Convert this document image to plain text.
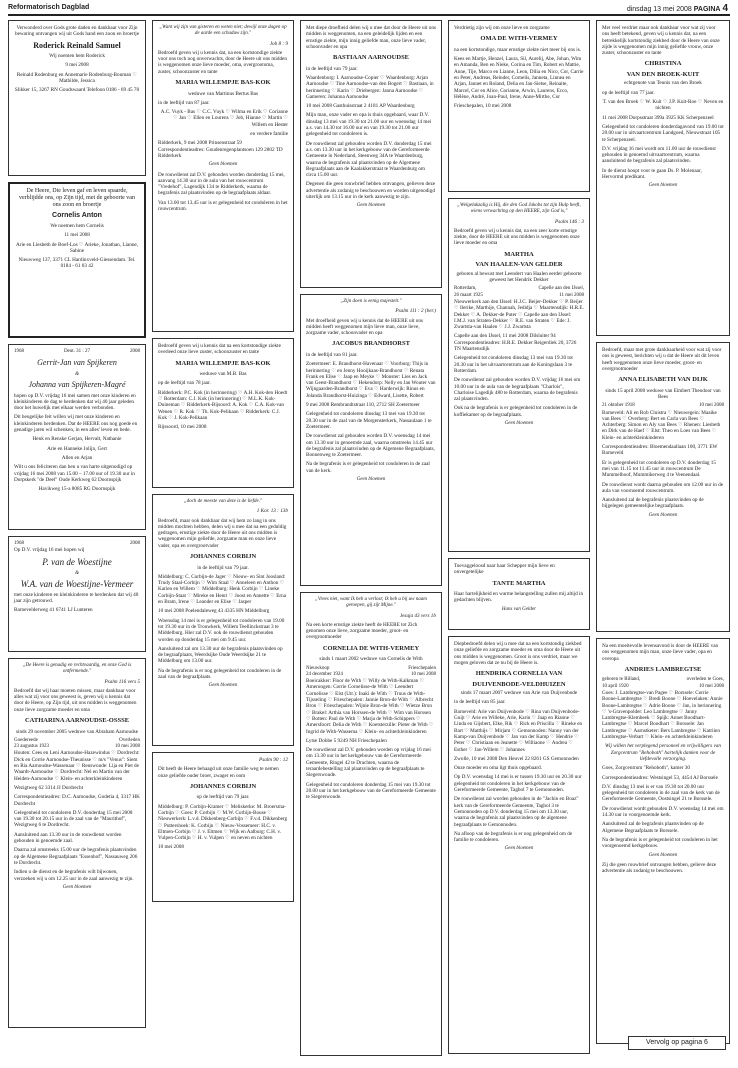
Reformatorisch Dagblad	dinsdag 13 mei 2008 PAGINA 4

Verwonderd over Gods grote daden en dankbaar voor Zijn bewaring ontvangen wij uit Gods hand een zoon en broertje

Roderick Reinald Samuel

Wij noemen hem Roderick

9 mei 2008

Reinald Rodenburg en Annemarie Rodenburg-Bouman ♡ Mathilde, Jessica

Slikker 15, 3267 RN Goudswaard Telefoon 0186 - 69 45 78

De Heere, Die leven gaf en leven spaarde, verblijdde ons, op Zijn tijd, met de geboorte van ons zoon en broertje

Cornelis Anton

We noemen hem Cornelis

11 mei 2008

Arie en Liesbeth de Boef-Los ♡ Arieke, Jonathan, Lianne, Sabine

Nieuwweg 137, 3371 CL Hardinxveld-Giessendam. Tel. 0184 - 61 03 42

1968	Deut. 31 : 27	2008
Gerrit-Jan van Spijkeren
&
Johanna van Spijkeren-Magré

hopen op D.V. vrijdag 16 mei samen met onze kinderen en kleinkinderen de dag te herdenken dat wij 40 jaar geleden door het huwelijk met elkaar werden verbonden.

Dit heugelijke feit willen wij met onze kinderen en kleinkinderen herdenken. Dat de HEERE ons nog goede en genadige jaren wil schenken, in een alles' leven en bede.

Henk en Renske Gerjan, Hervalt, Nathanie

Arie en Hanneke Jolijn, Gert

Allen en Arjan

Wilt u ons feliciteren dan hen u van harte uitgenodigd op vrijdag 16 mei 2008 van 15.00 – 17.00 uur of 19.30 uur in Dorpskerk "de Deel" Oude Kerkweg 62 Doornspijk

Havikweg 15-a 8085 RG Doornspijk

1968	2008

Op D.V. vrijdag 16 mei hopen wij

P. van de Woestijne
&
W.A. van de Woestijne-Vermeer

met onze kinderen en kleinkinderen te herdenken dat wij 40 jaar zijn getrouwd.

Barnevelderweg 41 6741 LJ Lunteren

„De Heere is genadig en rechtvaardig, en onze God is ontfermende."

Psalm 116 vers 5

Bedroefd dat wij haar moeten missen, maar dankbaar voor alles wat zij voor ons geweest is, geven wij u kennis dat door de Heere, op Zijn tijd, uit ons midden is weggenomen onze lieve zorgzame moeder en oma

CATHARINA AARNOUDSE-OSSSE

sinds 29 november 2005 weduwe van Abraham Aarnoudse

Goedereede	Overleden
23 augustus 1923	10 mei 2008

Houten: Cees en Leni Aarnoudse-Hazewindus ♡ Dordrecht: Dick en Corrie Aarnoudse-Theunisse ♡ m/s "Venus": Siem en Ria Aarnoudse-Wassenaar ♡ Renswoude: Lija en Piet de Waardt-Aarnoudse ♡ Dordrecht: Nel en Martin van der Heiden-Aarnoudse ♡ Klein- en achterkleinkinderen

Wezigtweg 62 3314 JJ Dordrecht

Correspondentieadres: D.C. Aarnoudse, Godetia 4, 3317 HK Dordrecht

Gelegenheid tot condoleren D.V. donderdag 15 mei 2008 van 19.30 tot 20.15 uur in de zaal van de "Maurithof", Wezigtweg 6 te Dordrecht.

Aansluitend aan 13.30 uur in de rouwdienst worden gehouden in genoemde zaal.

Daarna zal omstreeks 15.00 uur de begrafenis plaatsvinden op de Algemene Begraafplaats "Essenhof", Nassauweg 206 te Dordrecht.

Indien u de dienst en de begrafenis wilt bijwonen, verzoeken wij u om 12.25 uur in de zaal aanwezig te zijn.

Geen bloemen

„Want wij zijn van gisteren en weten niet; dewijl onze dagen op de aarde een schaduw zijn."

Job 8 : 9

Bedroefd geven wij u kennis dat, na een kortstondige ziekte voor ons toch nog onverwachts, door de Heere uit ons midden is weggenomen onze lieve moeder, oma, overgrootoma, zuster, schoonzuster en tante

MARIA WILLEMPJE BAS-KOK

weduwe van Martinus Bertus Bas

in de leeftijd van 87 jaar.

A.C. Vuyk - Bas ♡ C.C. Vuyk ♡ Wilma en Erik ♡ Corianne ♡ Jan ♡ Ellen en Lourens ♡ Job, Hianne ♡ Martin ♡ Willem en Hester

en verdere familie

Ridderkerk, 9 mei 2008 Prinsenstraat 59 Correspondentieadres: Goudenregenplantsoen 129 2802 TD Ridderkerk

Geen bloemen

De rouwdienst zal D.V. gehouden worden donderdag 15 mei, aanvang 14.30 uur in de aula van het rouwcentrum "Vredehof", Lagendijk 134 te Ridderkerk, waarna de begrafenis zal plaatsvinden op de begraafplaats aldaar.

Van 13.00 tot 13.45 uur is er gelegenheid tot condoleren in het rouwcentrum.

Bedroefd geven wij u kennis dat na een kortstondige ziekte overleed onze lieve zuster, schoonzuster en tante

MARIA WILLEMPJE BAS-KOK

weduwe van M.B. Bas

op de leeftijd van 78 jaar.

Ridderkerk: P.C. Kok (in herinnering) ♡ A.H. Kok-den Hoedt ♡ Rotterdam: C.J. Kok (in herinnering) ♡ M.L.K. Kok-Duineman ♡ Ridderkerk-Bijsoord: A. Kok ♡ C.A. Kok-van Wenen ♡ R. Kok ♡ Th. Kok-Pelikaan ♡ Ridderkerk: C.J. Kok ♡ J. Kok-Pelikaan

Rijssoord, 10 mei 2008

„doch de meeste van deze is de liefde."

1 Kor. 13 : 13b

Bedroefd, maar ook dankbaar dat wij hem zo lang in ons midden mochten hebben, delen wij u mee dat na een geduldig gedragen, ernstige ziekte door de Heere uit ons midden is weggenomen mijn geliefde, zorgzame man en onze lieve vader, opa en overgrootvader

JOHANNES CORBIJN

in de leeftijd van 79 jaar.

Middelburg: C. Corbijn-de Jager ♡ Nieuw- en Sint Joosland: Trudy Staal-Corbijn ♡ Wim Staal ♡ Anneleen en Anthon ♡ Karien en Willem ♡ Middelburg: Henk Corbijn ♡ Lineke Corbijn-Staat ♡ Mireke en Henri ♡ Joost en Annette ♡ Erna en Bram, Irene ♡ Leander en Elise ♡ Jasper

10 mei 2008 Poelendaleweg 43 4335 HN Middelburg

Woensdag 14 mei is er gelegenheid tot condoleren van 19.00 tot 19.30 uur in de Trouwkerk, Willem Teellinckstraat 3 te Middelburg. Hier zal D.V. ook de rouwdienst gehouden worden op donderdag 15 mei om 9.45 uur.

Aansluitend zal om 13.30 uur de begrafenis plaatsvinden op de begraafplaats, Weerdsijke Oude Weerdsijke 21 te Middelburg om 13.00 uur.

Na de begrafenis is er nog gelegenheid tot condoleren in de zaal van de begraafplaats.

Geen bloemen

Psalm 90 : 12

Dit heeft de Heere behaagd uit onze familie weg te nemen onze geliefde ouder broer, zwager en oom

JOHANNES CORBIJN

op de leeftijd van 79 jaar.

Middelburg: P. Corbijn-Kramer ♡ Meliskerke: M. Broersma-Corbijn ♡ Goes: P. Corbijn ♡ M.W. Corbijn-Bouse ♡ Nieuwerkerk: L.v.d. Dikkenberg-Corbijn ♡ F.v.d. Dikkenberg ♡ Puttershoek: K. Corbijn ♡ Nieuw-Vossemeer: H.C. v. Eltmen-Corbijn ♡ J. v. Eltmen ♡ Wijk en Aalburg: C.H. v. Vulpen-Corbijn ♡ H. v. Vulpen ♡ en neven en nichten

10 mei 2008

Met diepe droefheid delen wij u mee dat door de Heere uit ons midden is weggenomen, na een geleidelijk lijden en een ernstige ziekte, mijn innig geliefde man, onze lieve vader, schoonvader en opa

BASTIAAN AARNOUDSE

in de leeftijd van 79 jaar.

Waardenburg: I. Aarnoudse-Copier ♡ Waardenburg: Arjan Aarnoudse ♡ Tine Aarnoudse-van den Bogert ♡ Bastiaan, in herinnering ♡ Karin ♡ Driebergen: Janna Aarnoudse ♡ Gameren: Johanna Aarnoudse

10 mei 2008 Gasthuisstraat 2 4181 AP Waardenburg

Mijn man, onze vader en opa is thuis opgebaard, waar D.V. dinsdag 13 mei van 19.30 tot 21.00 uur en woensdag 14 mei a.s. van 14.30 tot 16.00 uur en van 19.30 tot 21.00 uur gelegenheid tot condoleren is.

De rouwdienst zal gehouden worden D.V. donderdag 15 mei a.s. om 13.30 uur in het kerkgebouw van de Gereformeerde Gemeente in Nederland, Steenweg 34A te Waardenburg, waarna de begrafenis zal plaatsvinden op de Algemene Begraafplaats aan de Kaalakkerstraat te Waardenburg om circa 15.00 uur.

Degenen die geen rouwbrief hebben ontvangen, gelieven deze advertentie als zodanig te beschouwen en worden uitgenodigd uiterlijk om 13.15 uur in de kerk aanwezig te zijn.

Geen bloemen

„Zijn doen is eenig majesteit."

Psalm 111 : 2 (ber.)

Met droefheid geven wij u kennis dat de HEERE uit ons midden heeft weggenomen mijn lieve man, onze lieve, zorgzame vader, schoonvader en opa

JACOBUS BRANDHORST

in de leeftijd van 81 jaar.

Zoetermeer: E. Brandhorst-Havenaar ♡ Voorburg: Thijs in herinnering ♡ en Jenny Hooijkaas-Brandhorst ♡ Renata Frank en Elise ♡ Jaap en Meyke ♡ Monster: Lies en Jack van Geest-Brandhorst ♡ Hekendorp: Nelly en Jan Wouter van Wijngaarden-Brandhorst ♡ Eva ♡ Harderwijk: Rinus en Jolanda Brandhorst-Huizinga ♡ Edward, Lisette, Robert

9 mei 2008 Rembrandtstraat 110, 2712 SH Zoetermeer

Gelegenheid tot condoleren dinsdag 13 mei van 19.30 tot 20.30 uur in de zaal van de Morgensterkerk, Nassaulaan 1 te Zoetermeer.

De rouwdienst zal gehouden worden D.V. woensdag 14 mei om 13.30 uur in genoemde zaal, waarna omstreeks 14.45 uur de begrafenis zal plaatsvinden op de Algemene Begraafplaats, Bonnenweg te Zoetermeer.

Na de begrafenis is er gelegenheid tot condoleren in de zaal van de kerk.

Geen bloemen

„Vrees niet, want Ik heb u verlost; Ik heb u bij uw naam geroepen, gij zijt Mijne."

Jesaja 43 vers 1b

Na een korte ernstige ziekte heeft de HEERE tot Zich genomen onze lieve, zorgzame moeder, groot- en overgrootmoeder

CORNELIA DE WITH-VERMEY

sinds 1 maart 2002 weduwe van Cornelis de With

Nieuwkoop	Frieschepalen
24 december 1924	10 mei 2008

Boeicakker: Floor de With ♡ Willy de With-Kalkman ♡ Amerongen: Corrie Cornelisse-de With ♡ Leendert Cornelisse ♡ Elst (Utr.): Inaki de With ♡ Truus de With-Tijsseling ♡ Frieschepalen: Jannie Bron-de With ♡ Albrecht Bron ♡ Frieschepalen: Wijnie Bron-de With ♡ Wietze Bron ♡ Brakel: Arthia van Horssen-de With ♡ Wim van Horssen ♡ Botten: Paul de With ♡ Marja de With-Schippers ♡ Amersfoort: Delia de With ♡ Koetsterzille: Pieter de With ♡ Ingrid de With-Wassema ♡ Klein- en achterkleinkinderen

Lytse Dobbe 5 9249 NH Frieschepalen

De rouwdienst zal D.V. gehouden worden op vrijdag 16 mei om 13.30 uur in het kerkgebouw van de Gereformeerde Gemeente, Ringel 42 te Drachten, waarna de teraardebestelling zal plaatsvinden op de begraafplaats te Siegerswoude.

Gelegenheid tot condoleren donderdag 15 mei van 19.30 tot 20.00 uur in het kerkgebouw van de Gereformeerde Gemeente te Siegerswoude.

Verdrietig zijn wij om onze lieve en zorgzame

OMA DE WITH-VERMEY

na een kortstondige, maar ernstige ziekte niet meer bij ons is.

Kees en Martje, Henzel, Laura, Sil, Aurelij, Abe, Johan, Wim en Amanda, Ben en Nieke, Corina en Tim, Robert en Mattie, Anne, Tije, Marco en Lianne, Leon, Dilia en Nico, Cor, Carrie en Peter, Andreas, Reinder, Cornelis, Janneta, Linnea en Arjan, Jannet en Roland, Delia en Jan-Sietse, Reinaite, Marcel, Cor en Alice, Corianne, Arwin, Laurens, Ecco, Hélène, André, Joan-Paul, Irene, Anne-Mirthe, Cor

Frieschepalen, 10 mei 2008

„Welgelukzalig is Hij, die den God Jakobs tot zijn Hulp heeft, wiens verwachting op den HEERE, zijn God is,"

Psalm 146 : 3

Bedroefd geven wij u kennis dat, na een zeer korte ernstige ziekte, door de HEERE uit ons midden is weggenomen onze lieve moeder en oma

MARTHA
VAN HAALEN-VAN GELDER

geboren al bewust met Leendert van Haalen eerder geboorte geweest het Hendrik Dekker

Rotterdam,	Capelle aan den IJssel,
26 maart 1925	11 mei 2008

Nieuwerkerk aan den IJssel: H.J.C. Beijer-Dekker ♡ P. Beijer ♡ Ilerike, Marthije, Channah, Jedidja ♡ Maartensdijk: H.R.E. Dekker ♡ A. Dekker-de Puter ♡ Capelle aan den IJssel: I.M.J. van Straten-Dekker ♡ R.E. van Straten ♡ Ede: J. Zwartsta-van Haalen ♡ J.J. Zwartsta

Capelle aan den IJssel, 11 mei 2008 Dilsluiter 94 Correspondentieadres: H.R.E. Dekker Reigerdiek 20, 3726 TN Maartensdijk

Gelegenheid tot condoleren dinsdag 13 mei van 19.30 tot 20.30 uur in het uitvaartcentrum aan de Koningslaan 3 te Rotterdam.

De rouwdienst zal gehouden worden D.V. vrijdag 16 mei om 10.00 uur in de aula van de begraafplaats "Charlois", Charloise Lagedijk 480 te Rotterdam, waarna de begrafenis zal plaatsvinden.

Ook na de begrafenis is er gelegenheid tot condoleren in de koffiekamer op de begraafplaats.

Geen bloemen

Toevaggeloosd naar haar Schepper mijn lieve en onvergetelijke

TANTE MARTHA

Haar hartelijkheid en warme belangstelling zullen mij altijd in gedachten blijven.

Hans van Gelder

Diepbedroefd delen wij u mee dat na een kortstondig ziekbed onze geliefde en zorgzame moeder en oma door de Heere uit ons midden is weggenomen. Groot is ons verdriet, maar we mogen geloven dat ze nu bij de Heere is.

HENDRIKA CORNELIA VAN
DUIJVENBODE-VELDHUIZEN

sinds 17 maart 2007 weduwe van Arie van Duijvenbode

in de leeftijd van 85 jaar.

Barneveld: Arie van Duijvenbode ♡ Rina van Duijvenbode-Guijt ♡ Arie en Willeke, Arie, Karin ♡ Jaap en Rianne ♡ Linda en Gijsbert, Elke, Rik ♡ Rick en Priscilla ♡ Rineke en Bart ♡ Matthijs ♡ Mirjam ♡ Gemonnoden: Nanny van der Kamp-van Duijvenbode ♡ Jan van der Kamp ♡ Hendrie ♡ Peter ♡ Christiaan en Jeanette ♡ Williaone ♡ Andrea ♡ Esther ♡ Jan-Willem ♡ Johannes

Zwolle, 10 mei 2008 Den Heuvel 22 8261 GS Gemonnoden

Onze moeder en oma ligt thuis opgebaard.

Op D.V. woensdag 14 mei is er tussen 19.30 uur en 20.30 uur gelegenheid tot condoleren in het kerkgebouw van de Gereformeerde Gemeente, Tagbol 7 te Gemonnoden.

De rouwdienst zal worden gehouden in de "Jachin en Boaz" kerk van de Gereformeerde Gemeente, Tagbol 3 te Gemonnoden op D.V. donderdag 15 mei om 13.30 uur, waarna de begrafenis zal plaatsvinden op de algemene begraafplaats te Gemonnoden.

Na afloop van de begrafenis is er nog gelegenheid om de familie te condoleren.

Geen bloemen

Met veel verdriet maar ook dankbaar voor wat zij voor ons heeft betekend, geven wij u kennis dat, na een betrekkelijk kortstondig ziekbed door de Heere van onze zijde is weggenomen mijn innig geliefde vrouw, onze zuster, schoonzuster en tante

CHRISTINA
VAN DEN BROEK-KUIT

echtgenote van Teunis van den Broek

op de leeftijd van 77 jaar.

T. van den Broek ♡ W. Kuit ♡ J.P. Kuit-Roe ♡ Neven en nichten

11 mei 2008 Dorpsstraat 399a 3925 KK Scherpenzeel

Gelegenheid tot condoleren donderdagavond van 19.00 tot 20.00 uur in uitvaartcentrum Landgoed, Nieuwstraat 105 te Scherpenzeel.

D.V. vrijdag 16 mei wordt om 11.00 uur de rouwdienst gehouden in genoemd uitvaartcentrum, waarna aansluitend de begrafenis zal plaatsvinden.

In de dienst hoopt voor te gaan Ds. P. Molenaar, Hervormd predikant.

Geen bloemen

Bedroefd, maar met grote dankbaarheid voor wat zij voor ons is geweest, berichten wij u dat de Heere uit dit leven heeft weggenomen onze lieve moeder, groot- en overgrootmoeder

ANNA ELISABETH VAN DIJK

sinds 15 april 2008 weduwe van Eimbert Theodoor van Bees

21 oktober 1918	10 mei 2008

Barneveld: Ali en Rob Cluistra ♡ Nieuwegein: Maaike van Bees ♡ Overberg: Bert en Carla van Bees ♡ Achterberg: Simon en Aly van Bees ♡ Rhenen: Liesbeth en Dirk van de Haef ♡ Elst: Theo en Loes van Bees ♡ Klein- en achterkleinkinderen

Correspondentieadres: Bloemendaallaan 100, 3771 EW Barneveld

Er is gelegenheid tot condoleren op D.V. donderdag 15 mei van 11.15 tot 11.45 uur in rouwcentrum De Mummelhoof, Mummikerweg 4 te Veenendaal.

De rouwdienst wordt daarna gehouden om 12.00 uur in de aula van voornoemd rouwcentrum.

Aansluitend zal de begrafenis plaatsvinden op de bijgelegen gemeentelijke begraafplaats.

Geen bloemen

Na een moeitevolle levensavond is door de HEERE van ons weggenomen mijn man, onze lieve vader, opa en overopa

ANDRIES LAMBREGTSE
geboren te Rilland,	overleden te Goes,
10 april 1920	10 mei 2008

Goes: J. Lambregtse-van Pagee ♡ Borssele: Corrie Boone-Lambregtse ♡ Bredi Boone ♡ Hoevelaken: Annie Boone-Lambregtse ♡ Adrie Boone ♡ Jan, in herinnering ♡ 's-Gravenpolder: Leo Lambregtse ♡ Janny Lambregtse-Klembeek ♡ Spijk: Annet Boodhart-Lambregtse ♡ Marcel Boodhart ♡ Borssele: Jan Lambregtse ♡ Aarnstketer: Bers Lambregtse ♡ Katriien Lambregtse-Verbart ♡ Klein- en achterkleinkinderen

Wij willen het verplegend personeel en vrijwilligers van Zorgcentrum "Rehoboth" hartelijk danken voor de liefdevolle verzorging.

Goes, Zorgcentrum "Rehoboth", kamer 30

Correspondentieadres: Westsingel 53, 4454 AJ Borssele

D.V. dinsdag 13 mei is er van 19.30 tot 20.00 uur gelegenheid tot condoleren in de zaal van de kerk van de Gereformeerde Gemeente, Oostsingel 21 te Borssele.

De rouwdienst wordt gehouden D.V. woensdag 14 mei om 14.30 uur in voorgenoemde kerk.

Aansluitend zal de begrafenis plaatsvinden op de Algemene Begraafplaats te Borssele.

Na de begrafenis is er gelegenheid tot condoleren in het voorgenoemd kerkgebouw.

Geen bloemen

Zij die geen rouwbrief ontvangen hebben, gelieve deze advertentie als zodanig te beschouwen.

Vervolg op pagina 6
